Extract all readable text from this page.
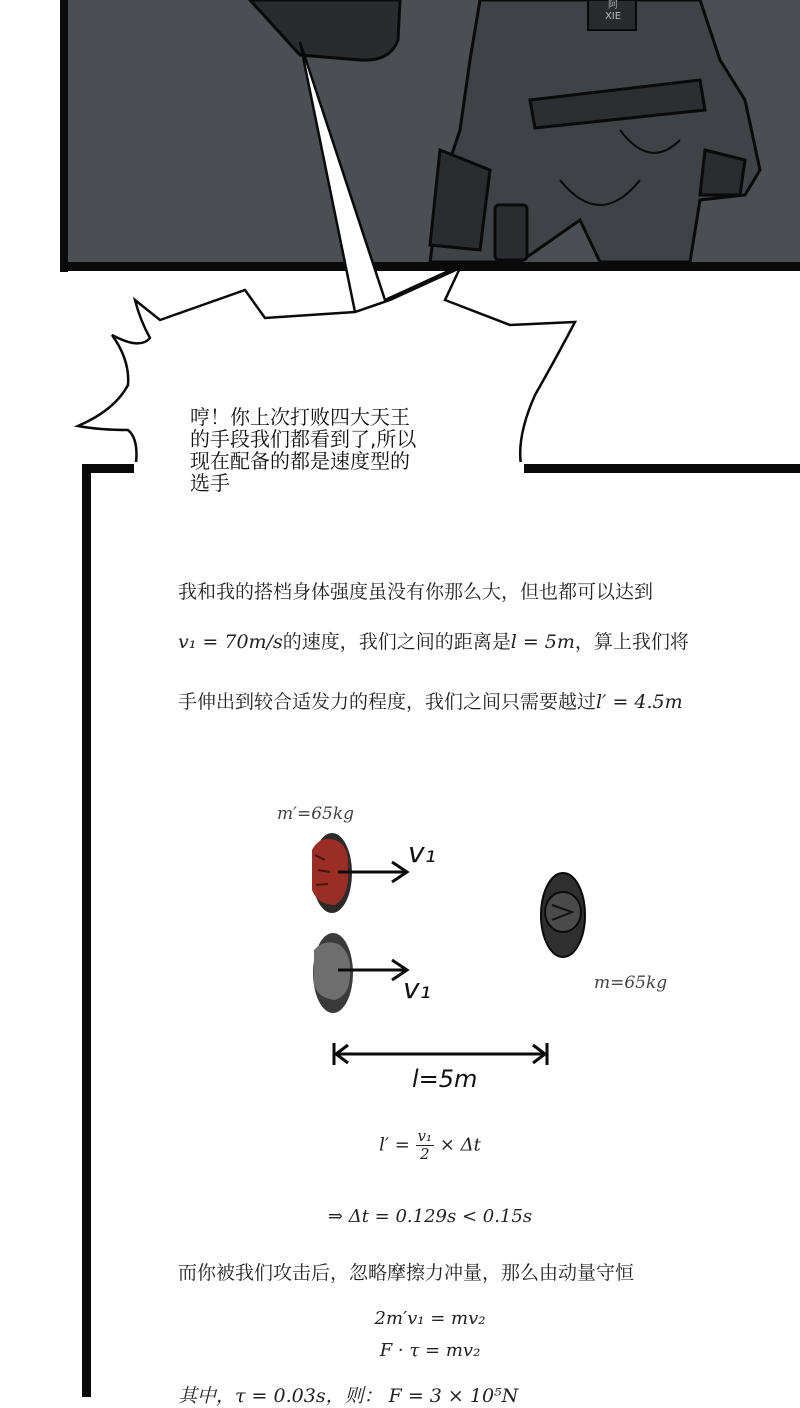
阿
XIE
哼！你上次打败四大天王
的手段我们都看到了,所以
现在配备的都是速度型的
选手
我和我的搭档身体强度虽没有你那么大，但也都可以达到
v₁ = 70m/s的速度，我们之间的距离是l = 5m，算上我们将
手伸出到较合适发力的程度，我们之间只需要越过l′ = 4.5m
m′=65kg
v₁
v₁	m=65kg
l=5m
$l' = \frac{\text{v₁}}{2} \times \Delta t$
⇒ Δt = 0.129s < 0.15s
而你被我们攻击后，忽略摩擦力冲量，那么由动量守恒
2m′v₁ = mv₂
F · τ = mv₂
其中，τ = 0.03s，则： F = 3 × 10⁵N
